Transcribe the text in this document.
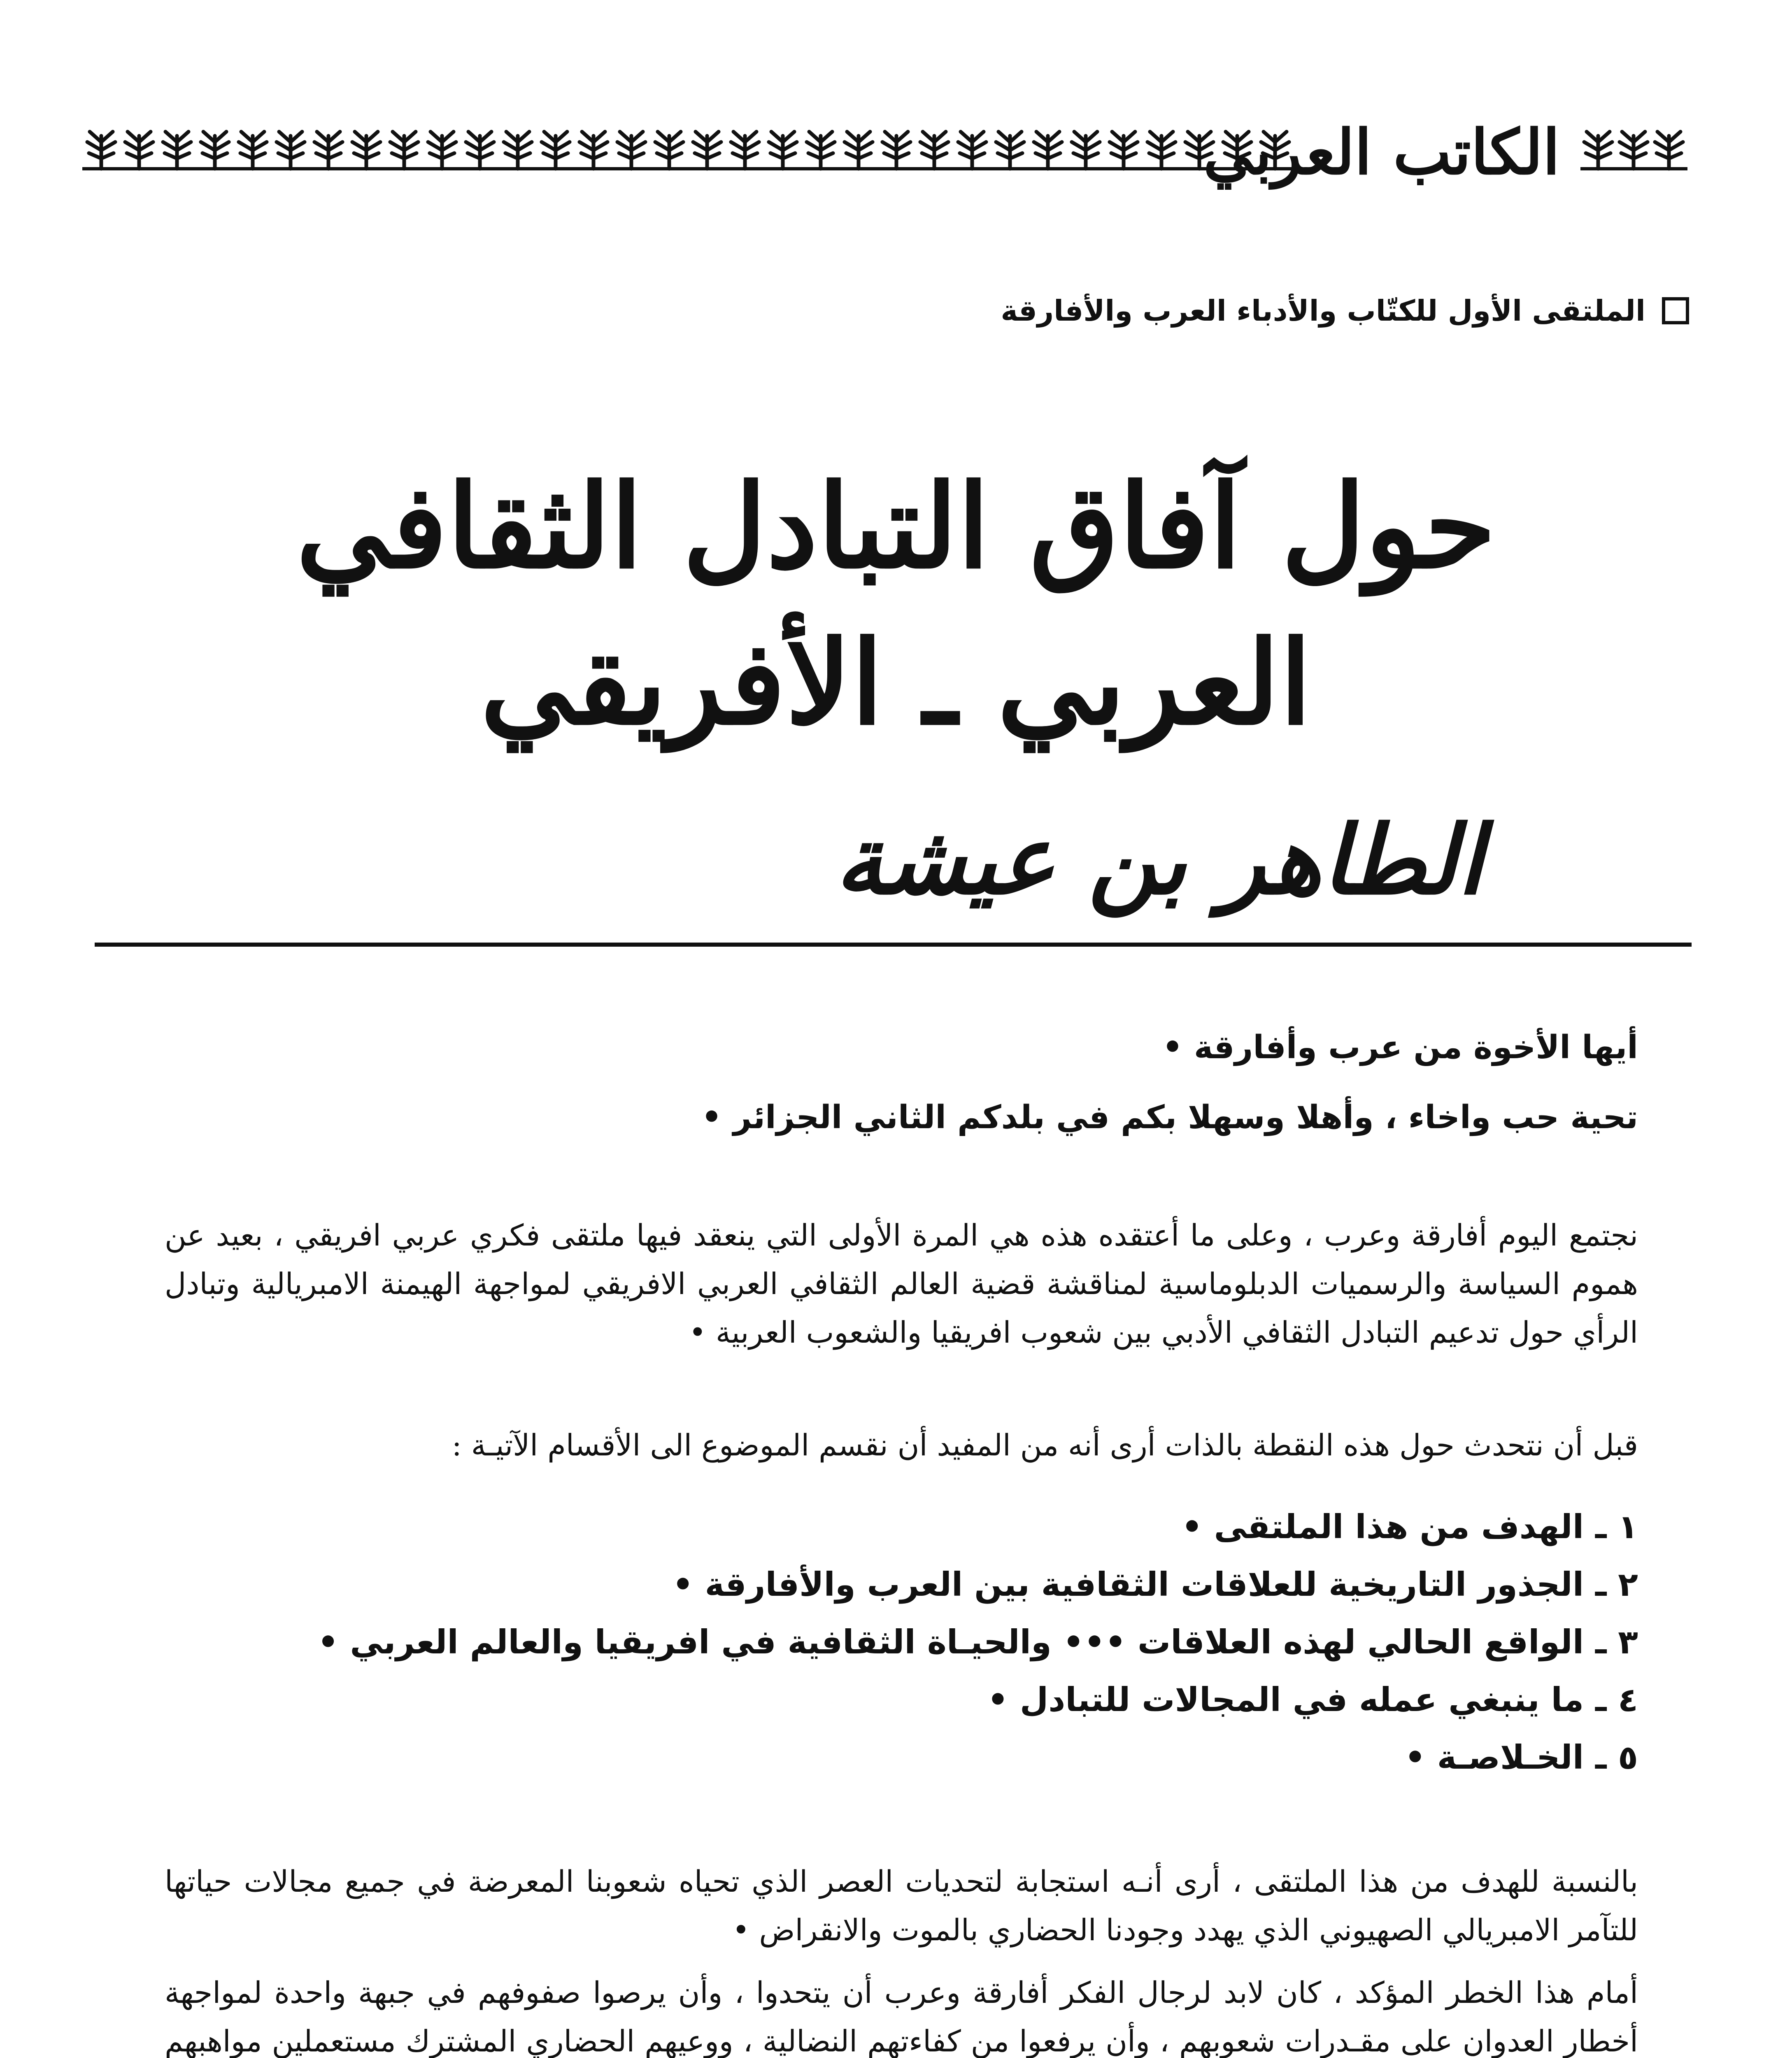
الكاتب العربي
الملتقى الأول للكتّاب والأدباء العرب والأفارقة
حول آفاق التبادل الثقافي
العربي ـ الأفريقي
الطاهر بن عيشة
أيها الأخوة من عرب وأفارقة •
تحية حب واخاء ، وأهلا وسهلا بكم في بلدكم الثاني الجزائر •

نجتمع اليوم أفارقة وعرب ، وعلى ما أعتقده هذه هي المرة الأولى التي ينعقد فيها ملتقى فكري عربي افريقي ، بعيد عن هموم السياسة والرسميات الدبلوماسية لمناقشة قضية العالم الثقافي العربي الافريقي لمواجهة الهيمنة الامبريالية وتبادل الرأي حول تدعيم التبادل الثقافي الأدبي بين شعوب افريقيا والشعوب العربية •

قبل أن نتحدث حول هذه النقطة بالذات أرى أنه من المفيد أن نقسم الموضوع الى الأقسام الآتيـة :

١ ـ الهدف من هذا الملتقى •
٢ ـ الجذور التاريخية للعلاقات الثقافية بين العرب والأفارقة •
٣ ـ الواقع الحالي لهذه العلاقات ••• والحيـاة الثقافية في افريقيا والعالم العربي •
٤ ـ ما ينبغي عمله في المجالات للتبادل •
٥ ـ الخـلاصـة •

بالنسبة للهدف من هذا الملتقى ، أرى أنـه استجابة لتحديات العصر الذي تحياه شعوبنا المعرضة في جميع مجالات حياتها للتآمر الامبريالي الصهيوني الذي يهدد وجودنا الحضاري بالموت والانقراض •

أمام هذا الخطر المؤكد ، كان لابد لرجال الفكر أفارقة وعرب أن يتحدوا ، وأن يرصوا صفوفهم في جبهة واحدة لمواجهة أخطار العدوان على مقـدرات شعوبهم ، وأن يرفعوا من كفاءتهم النضالية ، ووعيهم الحضاري المشترك مستعملين مواهبهم
